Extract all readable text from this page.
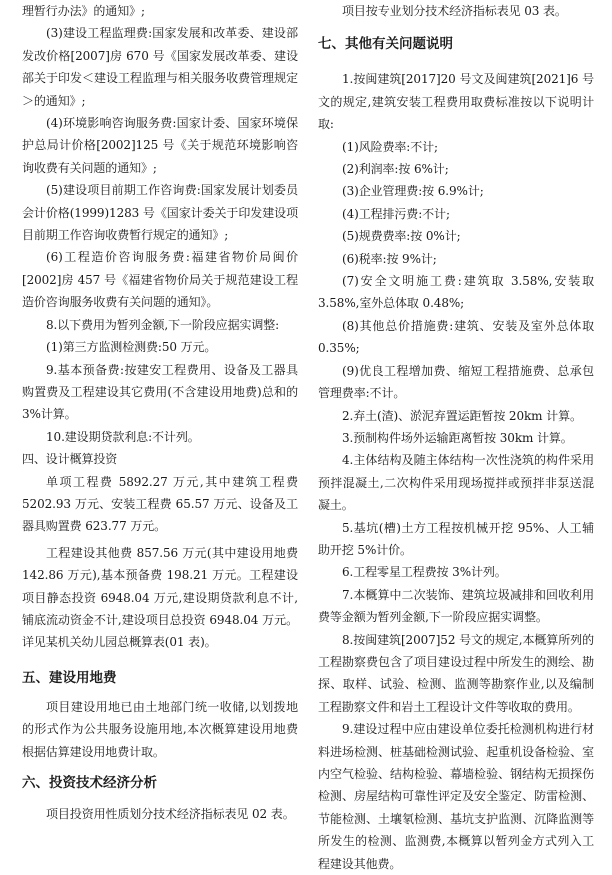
理暂行办法》的通知》;

(3)建设工程监理费:国家发展和改革委、建设部发改价格[2007]房 670 号《国家发展改革委、建设部关于印发＜建设工程监理与相关服务收费管理规定＞的通知》;

(4)环境影响咨询服务费:国家计委、国家环境保护总局计价格[2002]125 号《关于规范环境影响咨询收费有关问题的通知》;

(5)建设项目前期工作咨询费:国家发展计划委员会计价格(1999)1283 号《国家计委关于印发建设项目前期工作咨询收费暂行规定的通知》;

(6)工程造价咨询服务费:福建省物价局闽价[2002]房 457 号《福建省物价局关于规范建设工程造价咨询服务收费有关问题的通知》。

8.以下费用为暂列金额,下一阶段应据实调整:

(1)第三方监测检测费:50 万元。

9.基本预备费:按建安工程费用、设备及工器具购置费及工程建设其它费用(不含建设用地费)总和的 3%计算。

10.建设期贷款利息:不计列。

四、设计概算投资

单项工程费 5892.27 万元,其中建筑工程费 5202.93 万元、安装工程费 65.57 万元、设备及工器具购置费 623.77 万元。

工程建设其他费 857.56 万元(其中建设用地费 142.86 万元),基本预备费 198.21 万元。工程建设项目静态投资 6948.04 万元,建设期贷款利息不计,铺底流动资金不计,建设项目总投资 6948.04 万元。详见某机关幼儿园总概算表(01 表)。

五、建设用地费

项目建设用地已由土地部门统一收储,以划拨地的形式作为公共服务设施用地,本次概算建设用地费根据估算建设用地费计取。

六、投资技术经济分析

项目投资用性质划分技术经济指标表见 02 表。

项目按专业划分技术经济指标表见 03 表。

七、其他有关问题说明

1.按闽建筑[2017]20 号文及闽建筑[2021]6 号文的规定,建筑安装工程费用取费标准按以下说明计取:

(1)风险费率:不计;

(2)利润率:按 6%计;

(3)企业管理费:按 6.9%计;

(4)工程排污费:不计;

(5)规费费率:按 0%计;

(6)税率:按 9%计;

(7)安全文明施工费:建筑取 3.58%,安装取 3.58%,室外总体取 0.48%;

(8)其他总价措施费:建筑、安装及室外总体取 0.35%;

(9)优良工程增加费、缩短工程措施费、总承包管理费率:不计。

2.弃土(渣)、淤泥弃置运距暂按 20km 计算。

3.预制构件场外运输距离暂按 30km 计算。

4.主体结构及随主体结构一次性浇筑的构件采用预拌混凝土,二次构件采用现场搅拌或预拌非泵送混凝土。

5.基坑(槽)土方工程按机械开挖 95%、人工辅助开挖 5%计价。

6.工程零星工程费按 3%计列。

7.本概算中二次装饰、建筑垃圾减排和回收利用费等金额为暂列金额,下一阶段应据实调整。

8.按闽建筑[2007]52 号文的规定,本概算所列的工程勘察费包含了项目建设过程中所发生的测绘、勘探、取样、试验、检测、监测等勘察作业,以及编制工程勘察文件和岩土工程设计文件等收取的费用。

9.建设过程中应由建设单位委托检测机构进行材料进场检测、桩基础检测试验、起重机设备检验、室内空气检验、结构检验、幕墙检验、钢结构无损探伤检测、房屋结构可靠性评定及安全鉴定、防雷检测、节能检测、土壤氡检测、基坑支护监测、沉降监测等所发生的检测、监测费,本概算以暂列金方式列入工程建设其他费。
